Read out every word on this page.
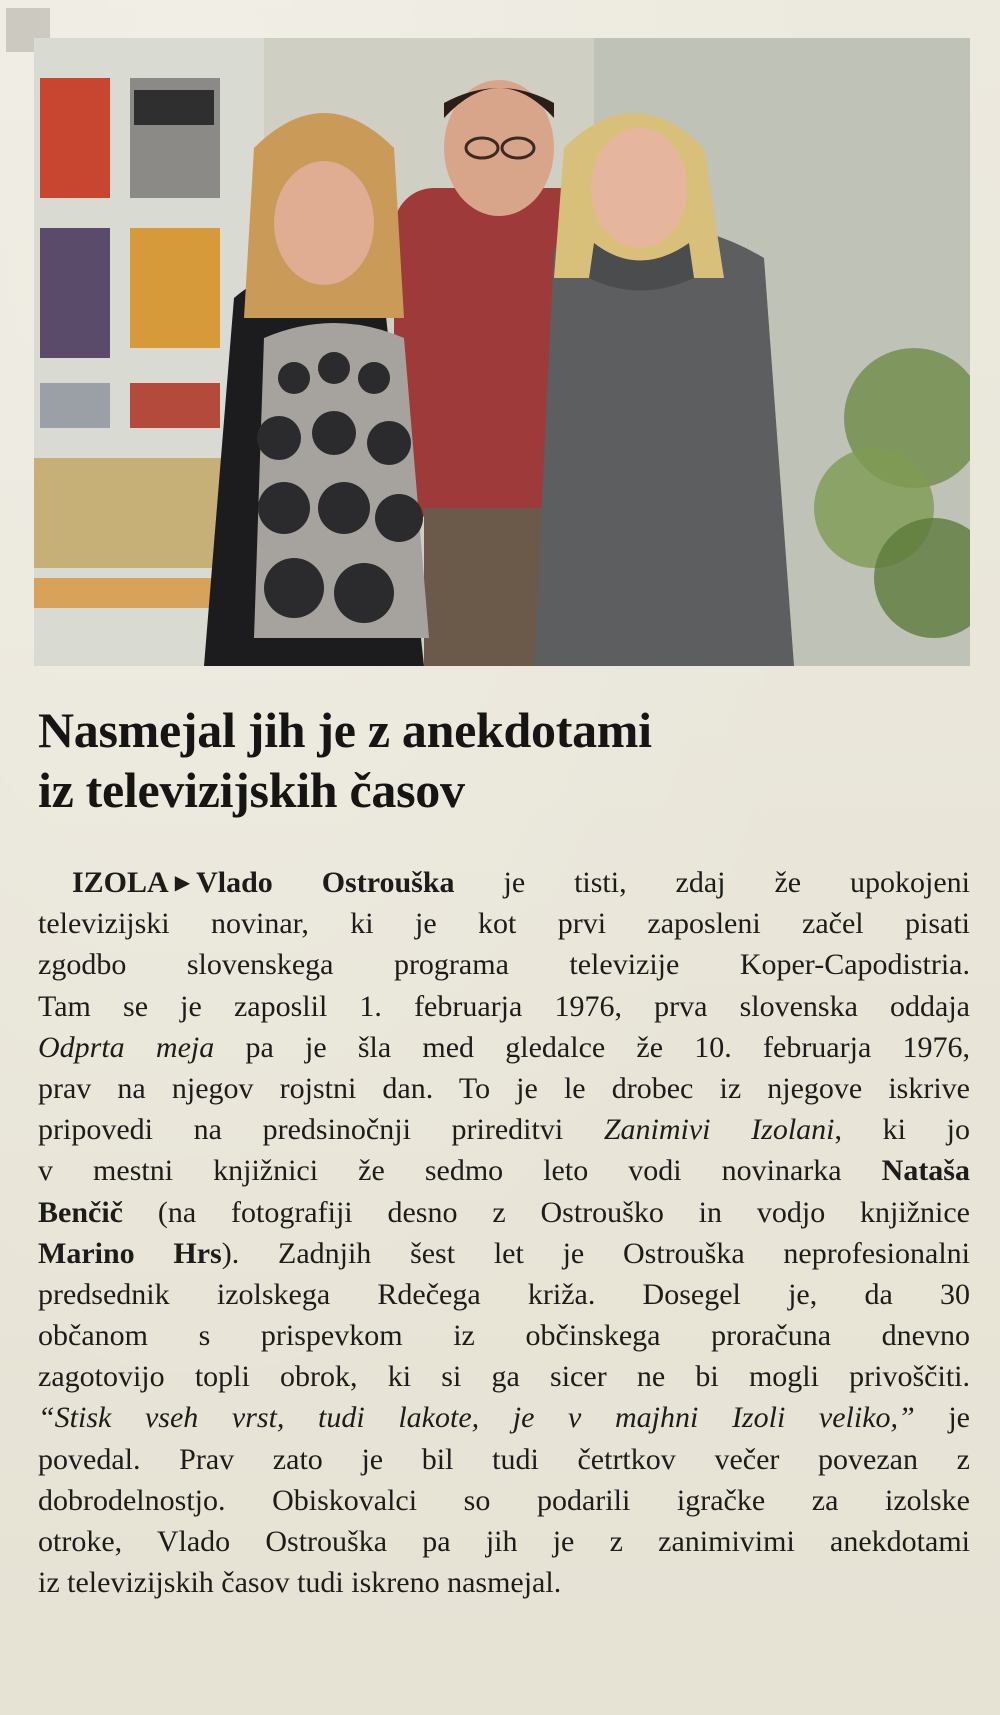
Nasmejal jih je z anekdotami
iz televizijskih časov
IZOLA ▶ Vlado Ostrouška je tisti, zdaj že upokojeni
televizijski novinar, ki je kot prvi zaposleni začel pisati
zgodbo slovenskega programa televizije Koper-Capodistria.
Tam se je zaposlil 1. februarja 1976, prva slovenska oddaja
Odprta meja pa je šla med gledalce že 10. februarja 1976,
prav na njegov rojstni dan. To je le drobec iz njegove iskrive
pripovedi na predsinočnji prireditvi Zanimivi Izolani, ki jo
v mestni knjižnici že sedmo leto vodi novinarka Nataša
Benčič (na fotografiji desno z Ostrouško in vodjo knjižnice
Marino Hrs). Zadnjih šest let je Ostrouška neprofesionalni
predsednik izolskega Rdečega križa. Dosegel je, da 30
občanom s prispevkom iz občinskega proračuna dnevno
zagotovijo topli obrok, ki si ga sicer ne bi mogli privoščiti.
“Stisk vseh vrst, tudi lakote, je v majhni Izoli veliko,” je
povedal. Prav zato je bil tudi četrtkov večer povezan z
dobrodelnostjo. Obiskovalci so podarili igračke za izolske
otroke, Vlado Ostrouška pa jih je z zanimivimi anekdotami
iz televizijskih časov tudi iskreno nasmejal.
